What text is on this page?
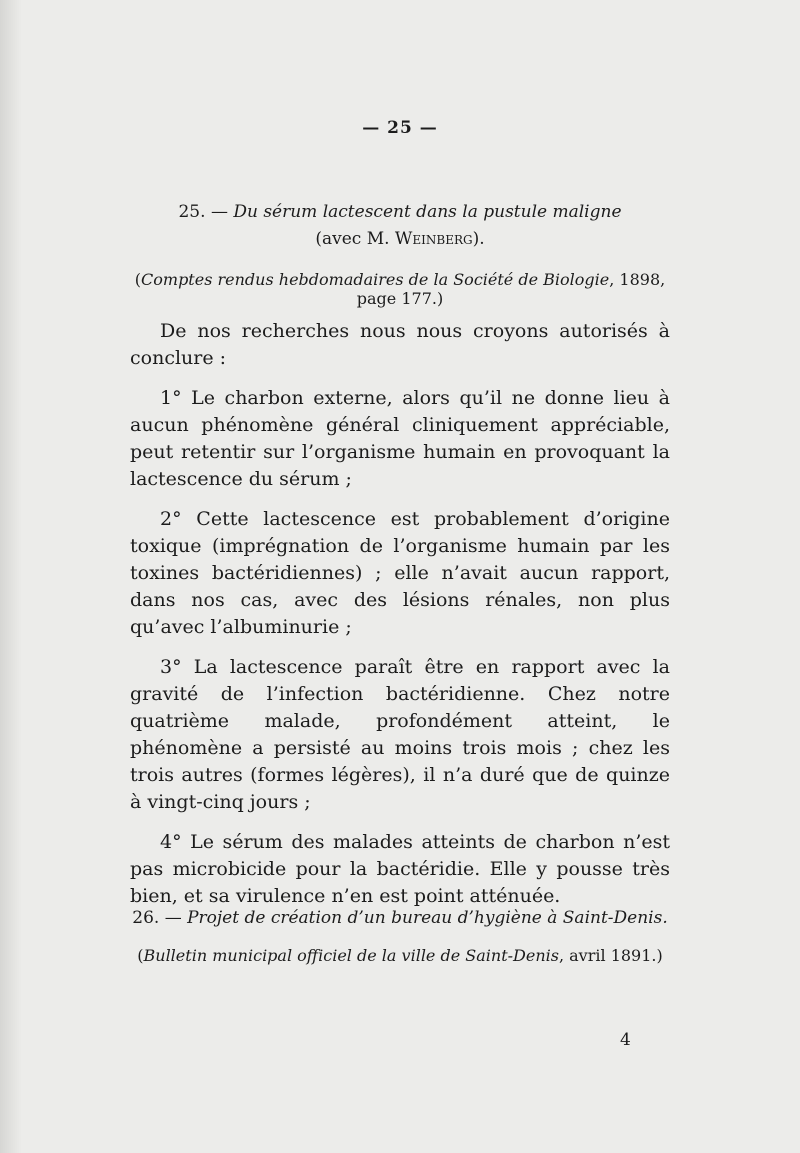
— 25 —
25. — Du sérum lactescent dans la pustule maligne
(avec M. Weinberg).
(Comptes rendus hebdomadaires de la Société de Biologie, 1898, page 177.)

De nos recherches nous nous croyons autorisés à conclure :

1° Le charbon externe, alors qu’il ne donne lieu à aucun phénomène général cliniquement appréciable, peut retentir sur l’organisme humain en provoquant la lactescence du sérum ;

2° Cette lactescence est probablement d’origine toxique (imprégnation de l’organisme humain par les toxines bactéridiennes) ; elle n’avait aucun rapport, dans nos cas, avec des lésions rénales, non plus qu’avec l’albuminurie ;

3° La lactescence paraît être en rapport avec la gravité de l’infection bactéridienne. Chez notre quatrième malade, profondément atteint, le phénomène a persisté au moins trois mois ; chez les trois autres (formes légères), il n’a duré que de quinze à vingt-cinq jours ;

4° Le sérum des malades atteints de charbon n’est pas microbicide pour la bactéridie. Elle y pousse très bien, et sa virulence n’en est point atténuée.

26. — Projet de création d’un bureau d’hygiène à Saint-Denis.
(Bulletin municipal officiel de la ville de Saint-Denis, avril 1891.)
4
